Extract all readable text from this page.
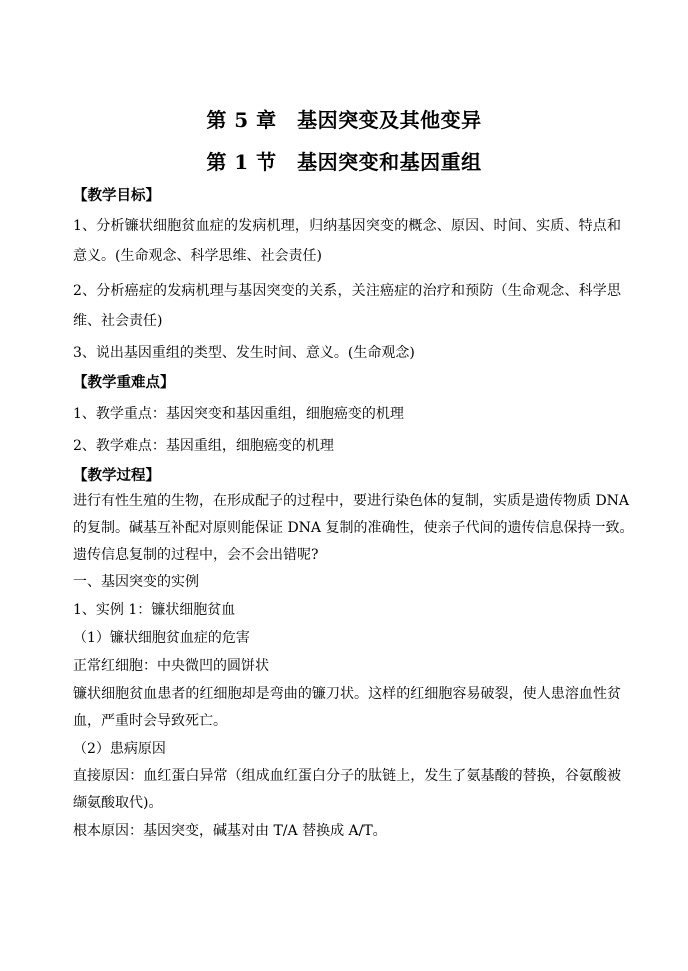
第 5 章　基因突变及其他变异
第 1 节　基因突变和基因重组
【教学目标】
1、分析镰状细胞贫血症的发病机理，归纳基因突变的概念、原因、时间、实质、特点和
意义。(生命观念、科学思维、社会责任)
2、分析癌症的发病机理与基因突变的关系，关注癌症的治疗和预防（生命观念、科学思
维、社会责任)
3、说出基因重组的类型、发生时间、意义。(生命观念)
【教学重难点】
1、教学重点：基因突变和基因重组，细胞癌变的机理
2、教学难点：基因重组，细胞癌变的机理
【教学过程】
进行有性生殖的生物，在形成配子的过程中，要进行染色体的复制，实质是遗传物质 DNA
的复制。碱基互补配对原则能保证 DNA 复制的准确性，使亲子代间的遗传信息保持一致。
遗传信息复制的过程中，会不会出错呢?
一、基因突变的实例
1、实例 1：镰状细胞贫血
（1）镰状细胞贫血症的危害
正常红细胞：中央微凹的圆饼状
镰状细胞贫血患者的红细胞却是弯曲的镰刀状。这样的红细胞容易破裂，使人患溶血性贫
血，严重时会导致死亡。
（2）患病原因
直接原因：血红蛋白异常（组成血红蛋白分子的肽链上，发生了氨基酸的替换，谷氨酸被
缬氨酸取代)。
根本原因：基因突变，碱基对由 T/A 替换成 A/T。
